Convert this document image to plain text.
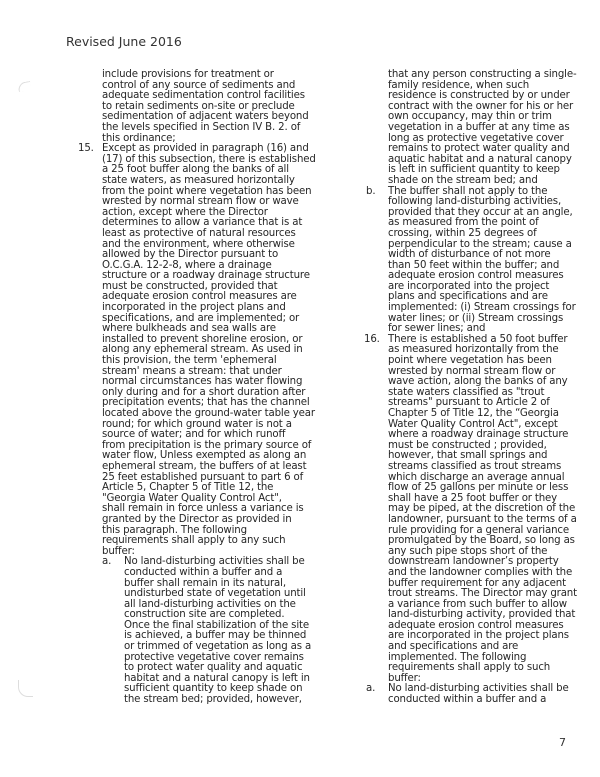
Revised June 2016
include provisions for treatment or
control of any source of sediments and
adequate sedimentation control facilities
to retain sediments on-site or preclude
sedimentation of adjacent waters beyond
the levels specified in Section IV B. 2. of
this ordinance;
15. Except as provided in paragraph (16) and
(17) of this subsection, there is established
a 25 foot buffer along the banks of all
state waters, as measured horizontally
from the point where vegetation has been
wrested by normal stream flow or wave
action, except where the Director
determines to allow a variance that is at
least as protective of natural resources
and the environment, where otherwise
allowed by the Director pursuant to
O.C.G.A. 12-2-8, where a drainage
structure or a roadway drainage structure
must be constructed, provided that
adequate erosion control measures are
incorporated in the project plans and
specifications, and are implemented; or
where bulkheads and sea walls are
installed to prevent shoreline erosion, or
along any ephemeral stream. As used in
this provision, the term 'ephemeral
stream' means a stream: that under
normal circumstances has water flowing
only during and for a short duration after
precipitation events; that has the channel
located above the ground-water table year
round; for which ground water is not a
source of water; and for which runoff
from precipitation is the primary source of
water flow, Unless exempted as along an
ephemeral stream, the buffers of at least
25 feet established pursuant to part 6 of
Article 5, Chapter 5 of Title 12, the
"Georgia Water Quality Control Act",
shall remain in force unless a variance is
granted by the Director as provided in
this paragraph. The following
requirements shall apply to any such
buffer:
a. No land-disturbing activities shall be
conducted within a buffer and a
buffer shall remain in its natural,
undisturbed state of vegetation until
all land-disturbing activities on the
construction site are completed.
Once the final stabilization of the site
is achieved, a buffer may be thinned
or trimmed of vegetation as long as a
protective vegetative cover remains
to protect water quality and aquatic
habitat and a natural canopy is left in
sufficient quantity to keep shade on
the stream bed; provided, however,
that any person constructing a single-
family residence, when such
residence is constructed by or under
contract with the owner for his or her
own occupancy, may thin or trim
vegetation in a buffer at any time as
long as protective vegetative cover
remains to protect water quality and
aquatic habitat and a natural canopy
is left in sufficient quantity to keep
shade on the stream bed; and
b. The buffer shall not apply to the
following land-disturbing activities,
provided that they occur at an angle,
as measured from the point of
crossing, within 25 degrees of
perpendicular to the stream; cause a
width of disturbance of not more
than 50 feet within the buffer; and
adequate erosion control measures
are incorporated into the project
plans and specifications and are
implemented: (i) Stream crossings for
water lines; or (ii) Stream crossings
for sewer lines; and
16. There is established a 50 foot buffer
as measured horizontally from the
point where vegetation has been
wrested by normal stream flow or
wave action, along the banks of any
state waters classified as "trout
streams" pursuant to Article 2 of
Chapter 5 of Title 12, the “Georgia
Water Quality Control Act", except
where a roadway drainage structure
must be constructed ; provided,
however, that small springs and
streams classified as trout streams
which discharge an average annual
flow of 25 gallons per minute or less
shall have a 25 foot buffer or they
may be piped, at the discretion of the
landowner, pursuant to the terms of a
rule providing for a general variance
promulgated by the Board, so long as
any such pipe stops short of the
downstream landowner’s property
and the landowner complies with the
buffer requirement for any adjacent
trout streams. The Director may grant
a variance from such buffer to allow
land-disturbing activity, provided that
adequate erosion control measures
are incorporated in the project plans
and specifications and are
implemented. The following
requirements shall apply to such
buffer:
a. No land-disturbing activities shall be
conducted within a buffer and a
7
